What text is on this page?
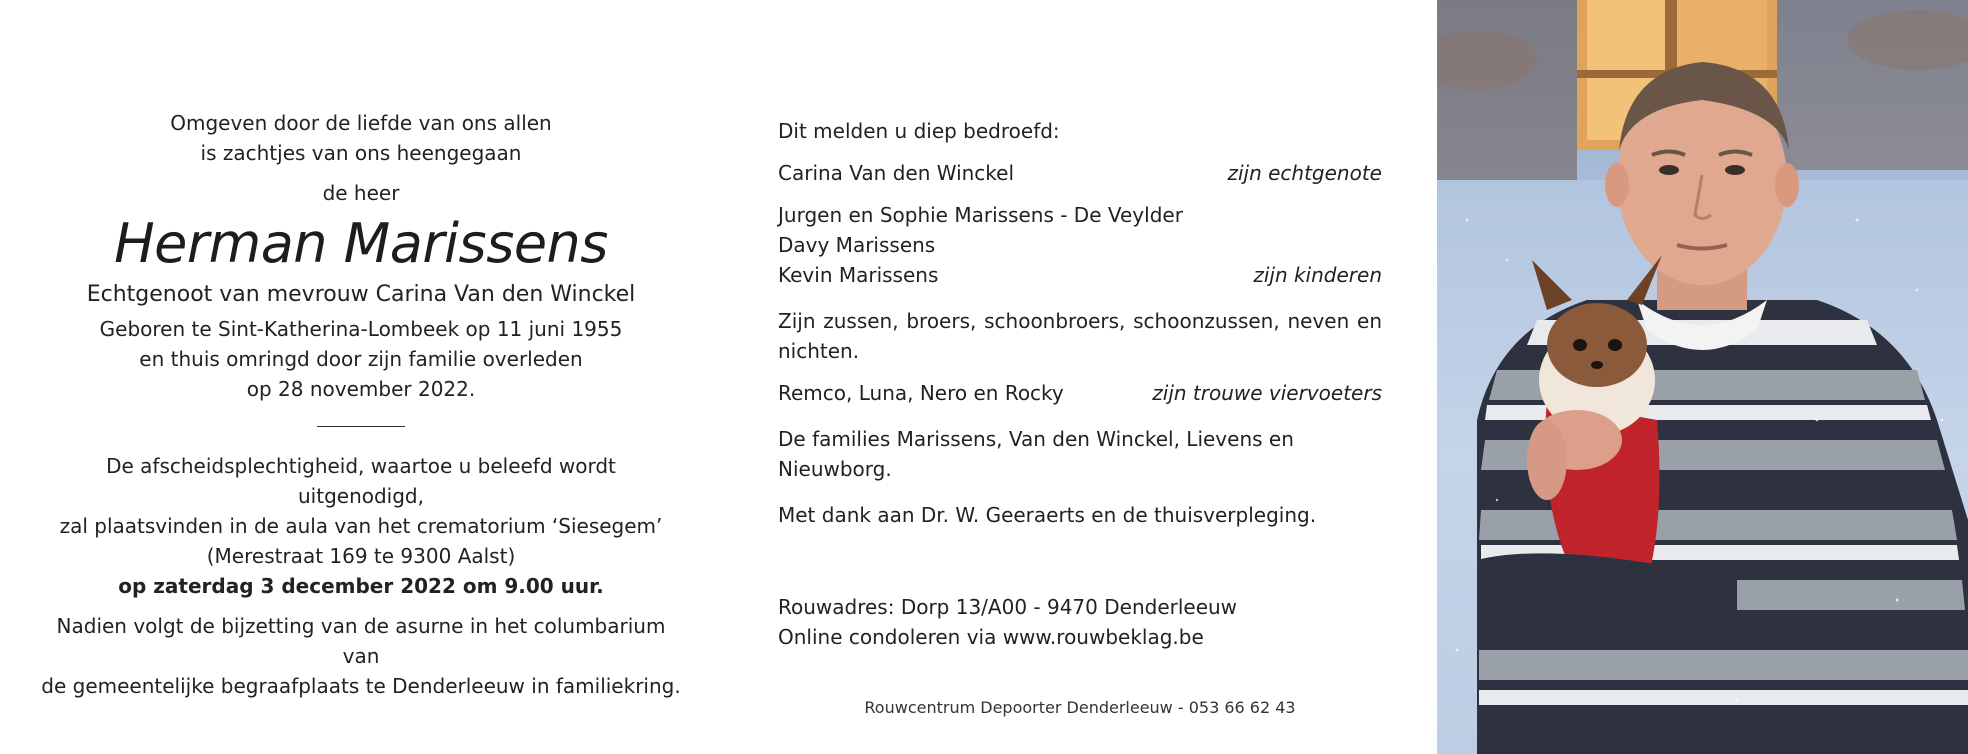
Omgeven door de liefde van ons allen
is zachtjes van ons heengegaan
de heer
Herman Marissens
Echtgenoot van mevrouw Carina Van den Winckel
Geboren te Sint-Katherina-Lombeek op 11 juni 1955
en thuis omringd door zijn familie overleden
op 28 november 2022.
De afscheidsplechtigheid, waartoe u beleefd wordt uitgenodigd,
zal plaatsvinden in de aula van het crematorium ‘Siesegem’
(Merestraat 169 te 9300 Aalst)
op zaterdag 3 december 2022 om 9.00 uur.
Nadien volgt de bijzetting van de asurne in het columbarium van
de gemeentelijke begraafplaats te Denderleeuw in familiekring.
Dit melden u diep bedroefd:
Carina Van den Winckel	zijn echtgenote
Jurgen en Sophie Marissens - De Veylder
Davy Marissens
Kevin Marissens	zijn kinderen
Zijn zussen, broers, schoonbroers, schoonzussen, neven en nichten.
Remco, Luna, Nero en Rocky	zijn trouwe viervoeters
De families Marissens, Van den Winckel, Lievens en Nieuwborg.
Met dank aan Dr. W. Geeraerts en de thuisverpleging.
Rouwadres: Dorp 13/A00 - 9470 Denderleeuw
Online condoleren via www.rouwbeklag.be
Rouwcentrum Depoorter Denderleeuw - 053 66 62 43
